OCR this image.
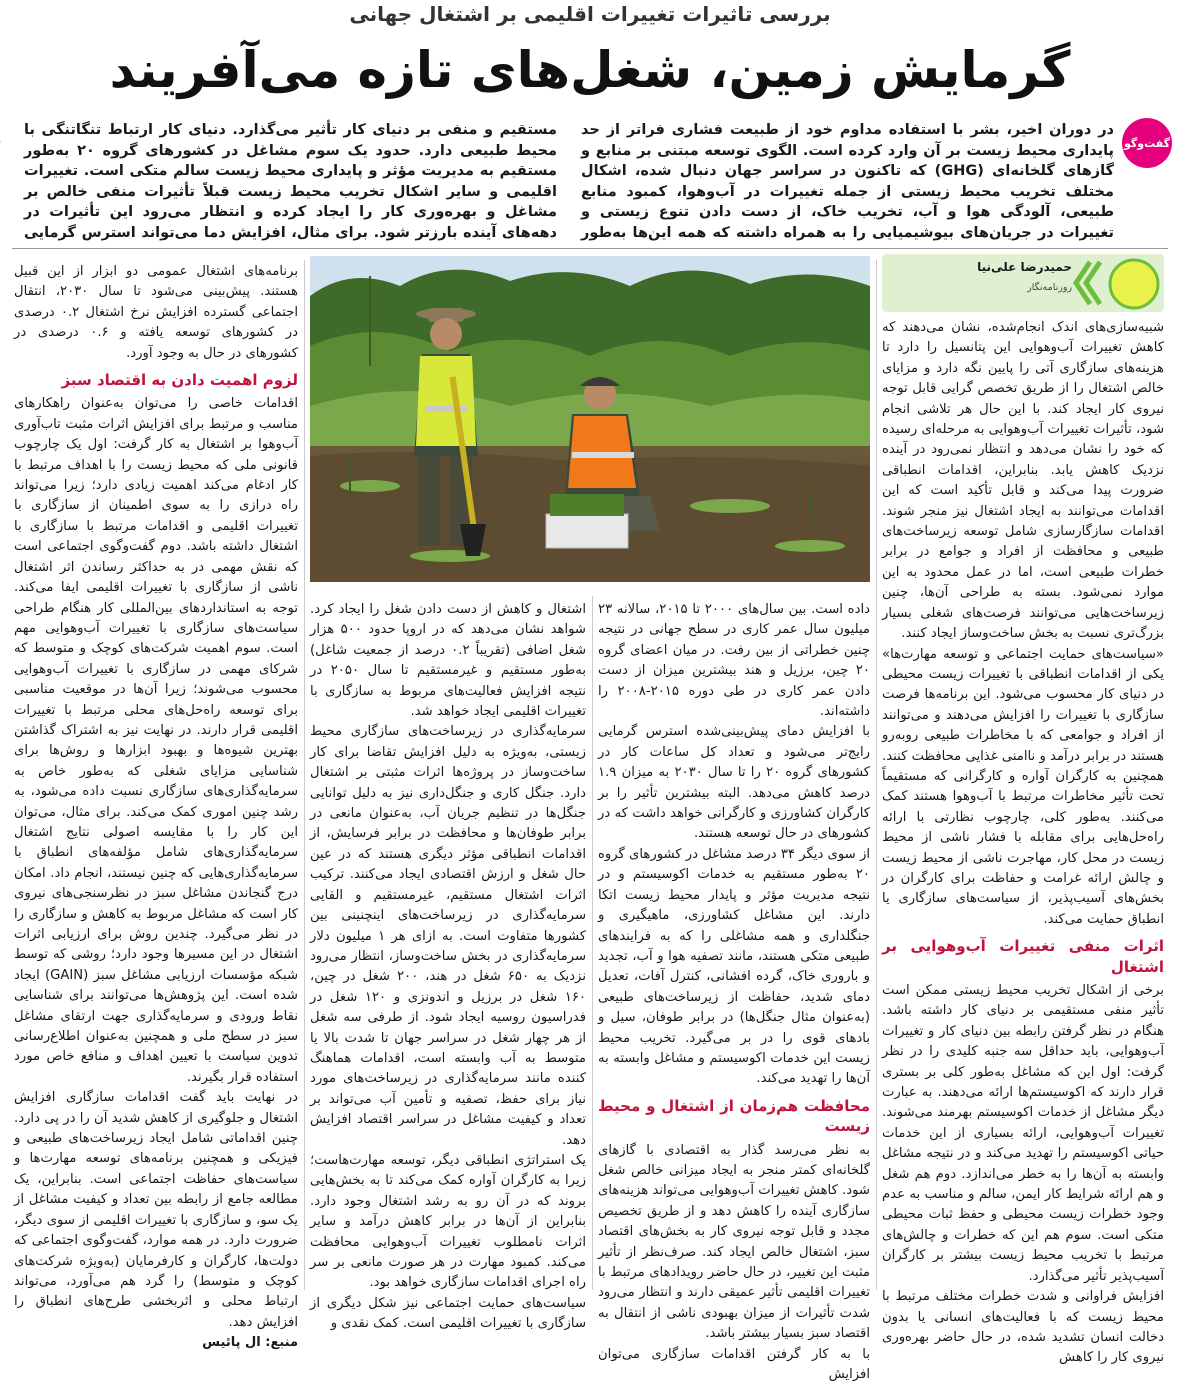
بررسی تاثیرات تغییرات اقلیمی بر اشتغال جهانی
گرمایش زمین، شغل‌های تازه می‌آفریند
گفت‌وگو
در دوران اخیر، بشر با استفاده مداوم خود از طبیعت فشاری فراتر از حد پایداری محیط زیست بر آن وارد کرده است. الگوی توسعه مبتنی بر منابع و گازهای گلخانه‌ای (GHG) که تاکنون در سراسر جهان دنبال شده، اشکال مختلف تخریب محیط زیستی از جمله تغییرات در آب‌وهوا، کمبود منابع طبیعی، آلودگی هوا و آب، تخریب خاک، از دست دادن تنوع زیستی و تغییرات در جریان‌های بیوشیمیایی را به همراه داشته که همه این‌ها به‌طور مستقیم و منفی بر دنیای کار تأثیر می‌گذارد. دنیای کار ارتباط تنگاتنگی با محیط طبیعی دارد. حدود یک سوم مشاغل در کشورهای گروه ۲۰ به‌طور مستقیم به مدیریت مؤثر و پایداری محیط زیست سالم متکی است. تغییرات اقلیمی و سایر اشکال تخریب محیط زیست قبلاً تأثیرات منفی خالص بر مشاغل و بهره‌وری کار را ایجاد کرده و انتظار می‌رود این تأثیرات در دهه‌های آینده بارزتر شود. برای مثال، افزایش دما می‌تواند استرس گرمایی
حمیدرضا علی‌نیا
روزنامه‌نگار

شبیه‌سازی‌های اندک انجام‌شده، نشان می‌دهند که کاهش تغییرات آب‌وهوایی این پتانسیل را دارد تا هزینه‌های سازگاری آتی را پایین نگه دارد و مزایای خالص اشتغال را از طریق تخصص گرایی قابل توجه نیروی کار ایجاد کند. با این حال هر تلاشی انجام شود، تأثیرات تغییرات آب‌وهوایی به مرحله‌ای رسیده که خود را نشان می‌دهد و انتظار نمی‌رود در آینده نزدیک کاهش یابد. بنابراین، اقدامات انطباقی ضرورت پیدا می‌کند و قابل تأکید است که این اقدامات می‌توانند به ایجاد اشتغال نیز منجر شوند. اقدامات سازگارسازی شامل توسعه زیرساخت‌های طبیعی و محافظت از افراد و جوامع در برابر خطرات طبیعی است، اما در عمل محدود به این موارد نمی‌شود. بسته به طراحی آن‌ها، چنین زیرساخت‌هایی می‌توانند فرصت‌های شغلی بسیار بزرگ‌تری نسبت به بخش ساخت‌وساز ایجاد کنند.

«سیاست‌های حمایت اجتماعی و توسعه مهارت‌ها» یکی از اقدامات انطباقی با تغییرات زیست محیطی در دنیای کار محسوب می‌شود. این برنامه‌ها فرصت سازگاری با تغییرات را افزایش می‌دهند و می‌توانند از افراد و جوامعی که با مخاطرات طبیعی روبه‌رو هستند در برابر درآمد و ناامنی غذایی محافظت کنند. همچنین به کارگران آواره و کارگرانی که مستقیماً تحت تأثیر مخاطرات مرتبط با آب‌وهوا هستند کمک می‌کنند. به‌طور کلی، چارچوب نظارتی با ارائه راه‌حل‌هایی برای مقابله با فشار ناشی از محیط زیست در محل کار، مهاجرت ناشی از محیط زیست و چالش ارائه غرامت و حفاظت برای کارگران در بخش‌های آسیب‌پذیر، از سیاست‌های سازگاری یا انطباق حمایت می‌کند.

اثرات منفی تغییرات آب‌وهوایی بر اشتغال

برخی از اشکال تخریب محیط زیستی ممکن است تأثیر منفی مستقیمی بر دنیای کار داشته باشد. هنگام در نظر گرفتن رابطه بین دنیای کار و تغییرات آب‌وهوایی، باید حداقل سه جنبه کلیدی را در نظر گرفت: اول این که مشاغل به‌طور کلی بر بستری قرار دارند که اکوسیستم‌ها ارائه می‌دهند. به عبارت دیگر مشاغل از خدمات اکوسیستم بهرمند می‌شوند. تغییرات آب‌وهوایی، ارائه بسیاری از این خدمات حیاتی اکوسیستم را تهدید می‌کند و در نتیجه مشاغل وابسته به آن‌ها را به خطر می‌اندازد. دوم هم شغل و هم ارائه شرایط کار ایمن، سالم و مناسب به عدم وجود خطرات زیست محیطی و حفظ ثبات محیطی متکی است. سوم هم این که خطرات و چالش‌های مرتبط با تخریب محیط زیست بیشتر بر کارگران آسیب‌پذیر تأثیر می‌گذارد.

افزایش فراوانی و شدت خطرات مختلف مرتبط با محیط زیست که با فعالیت‌های انسانی یا بدون دخالت انسان تشدید شده، در حال حاضر بهره‌وری نیروی کار را کاهش

داده است. بین سال‌های ۲۰۰۰ تا ۲۰۱۵، سالانه ۲۳ میلیون سال عمر کاری در سطح جهانی در نتیجه چنین خطراتی از بین رفت. در میان اعضای گروه ۲۰ چین، برزیل و هند بیشترین میزان از دست دادن عمر کاری در طی دوره ۲۰۱۵-۲۰۰۸ را داشته‌اند.

با افزایش دمای پیش‌بینی‌شده استرس گرمایی رایج‌تر می‌شود و تعداد کل ساعات کار در کشورهای گروه ۲۰ را تا سال ۲۰۳۰ به میزان ۱.۹ درصد کاهش می‌دهد. البته بیشترین تأثیر را بر کارگران کشاورزی و کارگرانی خواهد داشت که در کشورهای در حال توسعه هستند.

از سوی دیگر ۳۴ درصد مشاغل در کشورهای گروه ۲۰ به‌طور مستقیم به خدمات اکوسیستم و در نتیجه مدیریت مؤثر و پایدار محیط زیست اتکا دارند. این مشاغل کشاورزی، ماهیگیری و جنگلداری و همه مشاغلی را که به فرایندهای طبیعی متکی هستند، مانند تصفیه هوا و آب، تجدید و باروری خاک، گرده افشانی، کنترل آفات، تعدیل دمای شدید، حفاظت از زیرساخت‌های طبیعی (به‌عنوان مثال جنگل‌ها) در برابر طوفان، سیل و بادهای قوی را در بر می‌گیرد. تخریب محیط زیست این خدمات اکوسیستم و مشاغل وابسته به آن‌ها را تهدید می‌کند.

محافظت هم‌زمان از اشتغال و محیط زیست

به نظر می‌رسد گذار به اقتصادی با گازهای گلخانه‌ای کمتر منجر به ایجاد میزانی خالص شغل شود. کاهش تغییرات آب‌وهوایی می‌تواند هزینه‌های سازگاری آینده را کاهش دهد و از طریق تخصیص مجدد و قابل توجه نیروی کار به بخش‌های اقتصاد سبز، اشتغال خالص ایجاد کند. صرف‌نظر از تأثیر مثبت این تغییر، در حال حاضر رویدادهای مرتبط با تغییرات اقلیمی تأثیر عمیقی دارند و انتظار می‌رود شدت تأثیرات از میزان بهبودی ناشی از انتقال به اقتصاد سبز بسیار بیشتر باشد.

با به کار گرفتن اقدامات سازگاری می‌توان افزایش

اشتغال و کاهش از دست دادن شغل را ایجاد کرد. شواهد نشان می‌دهد که در اروپا حدود ۵۰۰ هزار شغل اضافی (تقریباً ۰.۲ درصد از جمعیت شاغل) به‌طور مستقیم و غیرمستقیم تا سال ۲۰۵۰ در نتیجه افزایش فعالیت‌های مربوط به سازگاری با تغییرات اقلیمی ایجاد خواهد شد.

سرمایه‌گذاری در زیرساخت‌های سازگاری محیط زیستی، به‌ویژه به دلیل افزایش تقاضا برای کار ساخت‌وساز در پروژه‌ها اثرات مثبتی بر اشتغال دارد. جنگل کاری و جنگل‌داری نیز به دلیل توانایی جنگل‌ها در تنظیم جریان آب، به‌عنوان مانعی در برابر طوفان‌ها و محافظت در برابر فرسایش، از اقدامات انطباقی مؤثر دیگری هستند که در عین حال شغل و ارزش اقتصادی ایجاد می‌کنند. ترکیب اثرات اشتغال مستقیم، غیرمستقیم و القایی سرمایه‌گذاری در زیرساخت‌های اینچنینی بین کشورها متفاوت است. به ازای هر ۱ میلیون دلار سرمایه‌گذاری در بخش ساخت‌وساز، انتظار می‌رود نزدیک به ۶۵۰ شغل در هند، ۲۰۰ شغل در چین، ۱۶۰ شغل در برزیل و اندونزی و ۱۲۰ شغل در فدراسیون روسیه ایجاد شود. از طرفی سه شغل از هر چهار شغل در سراسر جهان تا شدت بالا یا متوسط به آب وابسته است، اقدامات هماهنگ کننده مانند سرمایه‌گذاری در زیرساخت‌های مورد نیاز برای حفظ، تصفیه و تأمین آب می‌تواند بر تعداد و کیفیت مشاغل در سراسر اقتصاد افزایش دهد.

یک استراتژی انطباقی دیگر، توسعه مهارت‌هاست؛ زیرا به کارگران آواره کمک می‌کند تا به بخش‌هایی بروند که در آن رو به رشد اشتغال وجود دارد. بنابراین از آن‌ها در برابر کاهش درآمد و سایر اثرات نامطلوب تغییرات آب‌وهوایی محافظت می‌کند. کمبود مهارت در هر صورت مانعی بر سر راه اجرای اقدامات سازگاری خواهد بود.

سیاست‌های حمایت اجتماعی نیز شکل دیگری از سازگاری با تغییرات اقلیمی است. کمک نقدی و

برنامه‌های اشتغال عمومی دو ابزار از این قبیل هستند. پیش‌بینی می‌شود تا سال ۲۰۳۰، انتقال اجتماعی گسترده افزایش نرخ اشتغال ۰.۲ درصدی در کشورهای توسعه یافته و ۰.۶ درصدی در کشورهای در حال به وجود آورد.

لزوم اهمیت دادن به اقتصاد سبز

اقدامات خاصی را می‌توان به‌عنوان راهکارهای مناسب و مرتبط برای افزایش اثرات مثبت تاب‌آوری آب‌وهوا بر اشتغال به کار گرفت: اول یک چارچوب قانونی ملی که محیط زیست را با اهداف مرتبط با کار ادغام می‌کند اهمیت زیادی دارد؛ زیرا می‌تواند راه درازی را به سوی اطمینان از سازگاری با تغییرات اقلیمی و اقدامات مرتبط با سازگاری با اشتغال داشته باشد. دوم گفت‌وگوی اجتماعی است که نقش مهمی در به حداکثر رساندن اثر اشتغال ناشی از سازگاری با تغییرات اقلیمی ایفا می‌کند. توجه به استانداردهای بین‌المللی کار هنگام طراحی سیاست‌های سازگاری با تغییرات آب‌وهوایی مهم است. سوم اهمیت شرکت‌های کوچک و متوسط که شرکای مهمی در سازگاری با تغییرات آب‌وهوایی محسوب می‌شوند؛ زیرا آن‌ها در موقعیت مناسبی برای توسعه راه‌حل‌های محلی مرتبط با تغییرات اقلیمی قرار دارند. در نهایت نیز به اشتراک گذاشتن بهترین شیوه‌ها و بهبود ابزارها و روش‌ها برای شناسایی مزایای شغلی که به‌طور خاص به سرمایه‌گذاری‌های سازگاری نسبت داده می‌شود، به رشد چنین اموری کمک می‌کند. برای مثال، می‌توان این کار را با مقایسه اصولی نتایج اشتغال سرمایه‌گذاری‌های شامل مؤلفه‌های انطباق با سرمایه‌گذاری‌هایی که چنین نیستند، انجام داد. امکان درج گنجاندن مشاغل سبز در نظرسنجی‌های نیروی کار است که مشاغل مربوط به کاهش و سازگاری را در نظر می‌گیرد. چندین روش برای ارزیابی اثرات اشتغال در این مسیرها وجود دارد؛ روشی که توسط شبکه مؤسسات ارزیابی مشاغل سبز (GAIN) ایجاد شده است. این پژوهش‌ها می‌توانند برای شناسایی نقاط ورودی و سرمایه‌گذاری جهت ارتقای مشاغل سبز در سطح ملی و همچنین به‌عنوان اطلاع‌رسانی تدوین سیاست با تعیین اهداف و منافع خاص مورد استفاده قرار بگیرند.

در نهایت باید گفت اقدامات سازگاری افزایش اشتغال و جلوگیری از کاهش شدید آن را در پی دارد. چنین اقداماتی شامل ایجاد زیرساخت‌های طبیعی و فیزیکی و همچنین برنامه‌های توسعه مهارت‌ها و سیاست‌های حفاظت اجتماعی است. بنابراین، یک مطالعه جامع از رابطه بین تعداد و کیفیت مشاغل از یک سو، و سازگاری با تغییرات اقلیمی از سوی دیگر، ضرورت دارد. در همه موارد، گفت‌وگوی اجتماعی که دولت‌ها، کارگران و کارفرمایان (به‌ویژه شرکت‌های کوچک و متوسط) را گرد هم می‌آورد، می‌تواند ارتباط محلی و اثربخشی طرح‌های انطباق را افزایش دهد.

منبع: ال پائیس
